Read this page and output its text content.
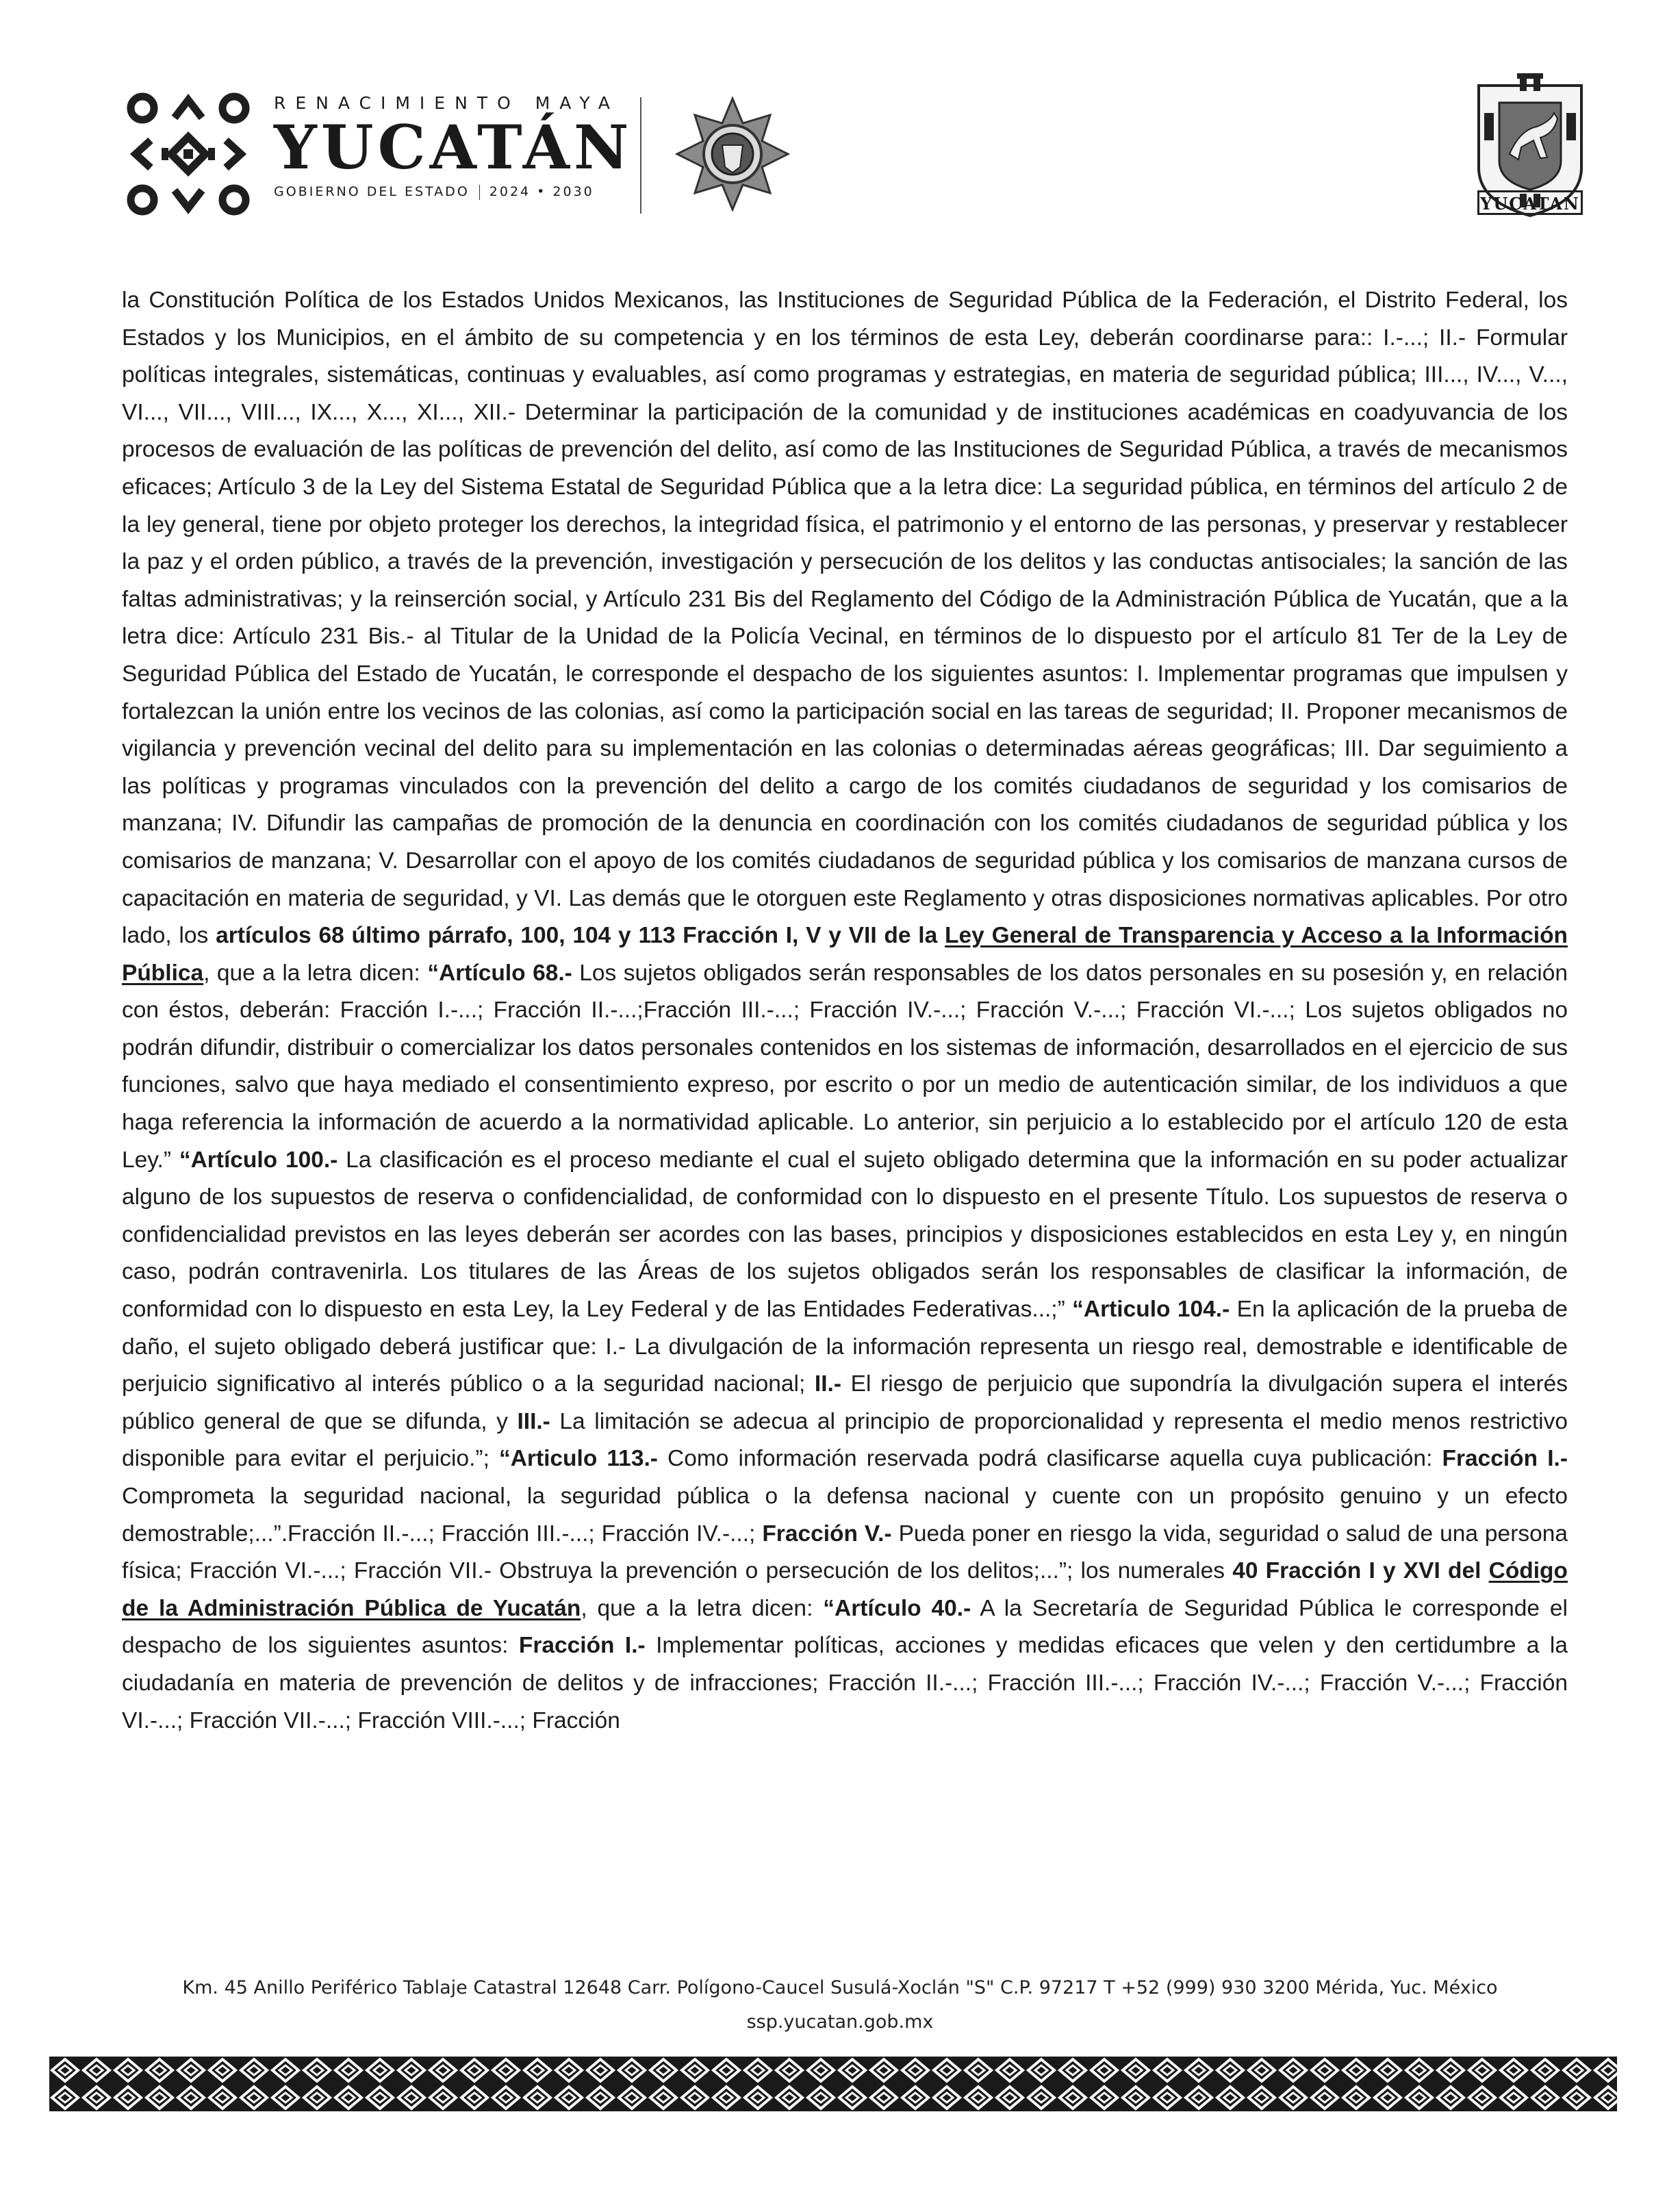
RENACIMIENTO MAYA
YUCATÁN
GOBIERNO DEL ESTADO 2024 • 2030
YUCATAN
la Constitución Política de los Estados Unidos Mexicanos, las Instituciones de Seguridad Pública de la Federación, el Distrito Federal, los Estados y los Municipios, en el ámbito de su competencia y en los términos de esta Ley, deberán coordinarse para:: I.-...; II.- Formular políticas integrales, sistemáticas, continuas y evaluables, así como programas y estrategias, en materia de seguridad pública; III..., IV..., V..., VI..., VII..., VIII..., IX..., X..., XI..., XII.- Determinar la participación de la comunidad y de instituciones académicas en coadyuvancia de los procesos de evaluación de las políticas de prevención del delito, así como de las Instituciones de Seguridad Pública, a través de mecanismos eficaces; Artículo 3 de la Ley del Sistema Estatal de Seguridad Pública que a la letra dice: La seguridad pública, en términos del artículo 2 de la ley general, tiene por objeto proteger los derechos, la integridad física, el patrimonio y el entorno de las personas, y preservar y restablecer la paz y el orden público, a través de la prevención, investigación y persecución de los delitos y las conductas antisociales; la sanción de las faltas administrativas; y la reinserción social, y Artículo 231 Bis del Reglamento del Código de la Administración Pública de Yucatán, que a la letra dice: Artículo 231 Bis.- al Titular de la Unidad de la Policía Vecinal, en términos de lo dispuesto por el artículo 81 Ter de la Ley de Seguridad Pública del Estado de Yucatán, le corresponde el despacho de los siguientes asuntos: I. Implementar programas que impulsen y fortalezcan la unión entre los vecinos de las colonias, así como la participación social en las tareas de seguridad; II. Proponer mecanismos de vigilancia y prevención vecinal del delito para su implementación en las colonias o determinadas aéreas geográficas; III. Dar seguimiento a las políticas y programas vinculados con la prevención del delito a cargo de los comités ciudadanos de seguridad y los comisarios de manzana; IV. Difundir las campañas de promoción de la denuncia en coordinación con los comités ciudadanos de seguridad pública y los comisarios de manzana; V. Desarrollar con el apoyo de los comités ciudadanos de seguridad pública y los comisarios de manzana cursos de capacitación en materia de seguridad, y VI. Las demás que le otorguen este Reglamento y otras disposiciones normativas aplicables. Por otro lado, los artículos 68 último párrafo, 100, 104 y 113 Fracción I, V y VII de la Ley General de Transparencia y Acceso a la Información Pública, que a la letra dicen: “Artículo 68.- Los sujetos obligados serán responsables de los datos personales en su posesión y, en relación con éstos, deberán: Fracción I.-...; Fracción II.-...;Fracción III.-...; Fracción IV.-...; Fracción V.-...; Fracción VI.-...; Los sujetos obligados no podrán difundir, distribuir o comercializar los datos personales contenidos en los sistemas de información, desarrollados en el ejercicio de sus funciones, salvo que haya mediado el consentimiento expreso, por escrito o por un medio de autenticación similar, de los individuos a que haga referencia la información de acuerdo a la normatividad aplicable. Lo anterior, sin perjuicio a lo establecido por el artículo 120 de esta Ley.” “Artículo 100.- La clasificación es el proceso mediante el cual el sujeto obligado determina que la información en su poder actualizar alguno de los supuestos de reserva o confidencialidad, de conformidad con lo dispuesto en el presente Título. Los supuestos de reserva o confidencialidad previstos en las leyes deberán ser acordes con las bases, principios y disposiciones establecidos en esta Ley y, en ningún caso, podrán contravenirla. Los titulares de las Áreas de los sujetos obligados serán los responsables de clasificar la información, de conformidad con lo dispuesto en esta Ley, la Ley Federal y de las Entidades Federativas...;” “Articulo 104.- En la aplicación de la prueba de daño, el sujeto obligado deberá justificar que: I.- La divulgación de la información representa un riesgo real, demostrable e identificable de perjuicio significativo al interés público o a la seguridad nacional; II.- El riesgo de perjuicio que supondría la divulgación supera el interés público general de que se difunda, y III.- La limitación se adecua al principio de proporcionalidad y representa el medio menos restrictivo disponible para evitar el perjuicio.”; “Articulo 113.- Como información reservada podrá clasificarse aquella cuya publicación: Fracción I.- Comprometa la seguridad nacional, la seguridad pública o la defensa nacional y cuente con un propósito genuino y un efecto demostrable;...”.Fracción II.-...; Fracción III.-...; Fracción IV.-...; Fracción V.- Pueda poner en riesgo la vida, seguridad o salud de una persona física; Fracción VI.-...; Fracción VII.- Obstruya la prevención o persecución de los delitos;...”; los numerales 40 Fracción I y XVI del Código de la Administración Pública de Yucatán, que a la letra dicen: “Artículo 40.- A la Secretaría de Seguridad Pública le corresponde el despacho de los siguientes asuntos: Fracción I.- Implementar políticas, acciones y medidas eficaces que velen y den certidumbre a la ciudadanía en materia de prevención de delitos y de infracciones; Fracción II.-...; Fracción III.-...; Fracción IV.-...; Fracción V.-...; Fracción VI.-...; Fracción VII.-...; Fracción VIII.-...; Fracción
Km. 45 Anillo Periférico Tablaje Catastral 12648 Carr. Polígono-Caucel Susulá-Xoclán "S" C.P. 97217 T +52 (999) 930 3200 Mérida, Yuc. México
ssp.yucatan.gob.mx
